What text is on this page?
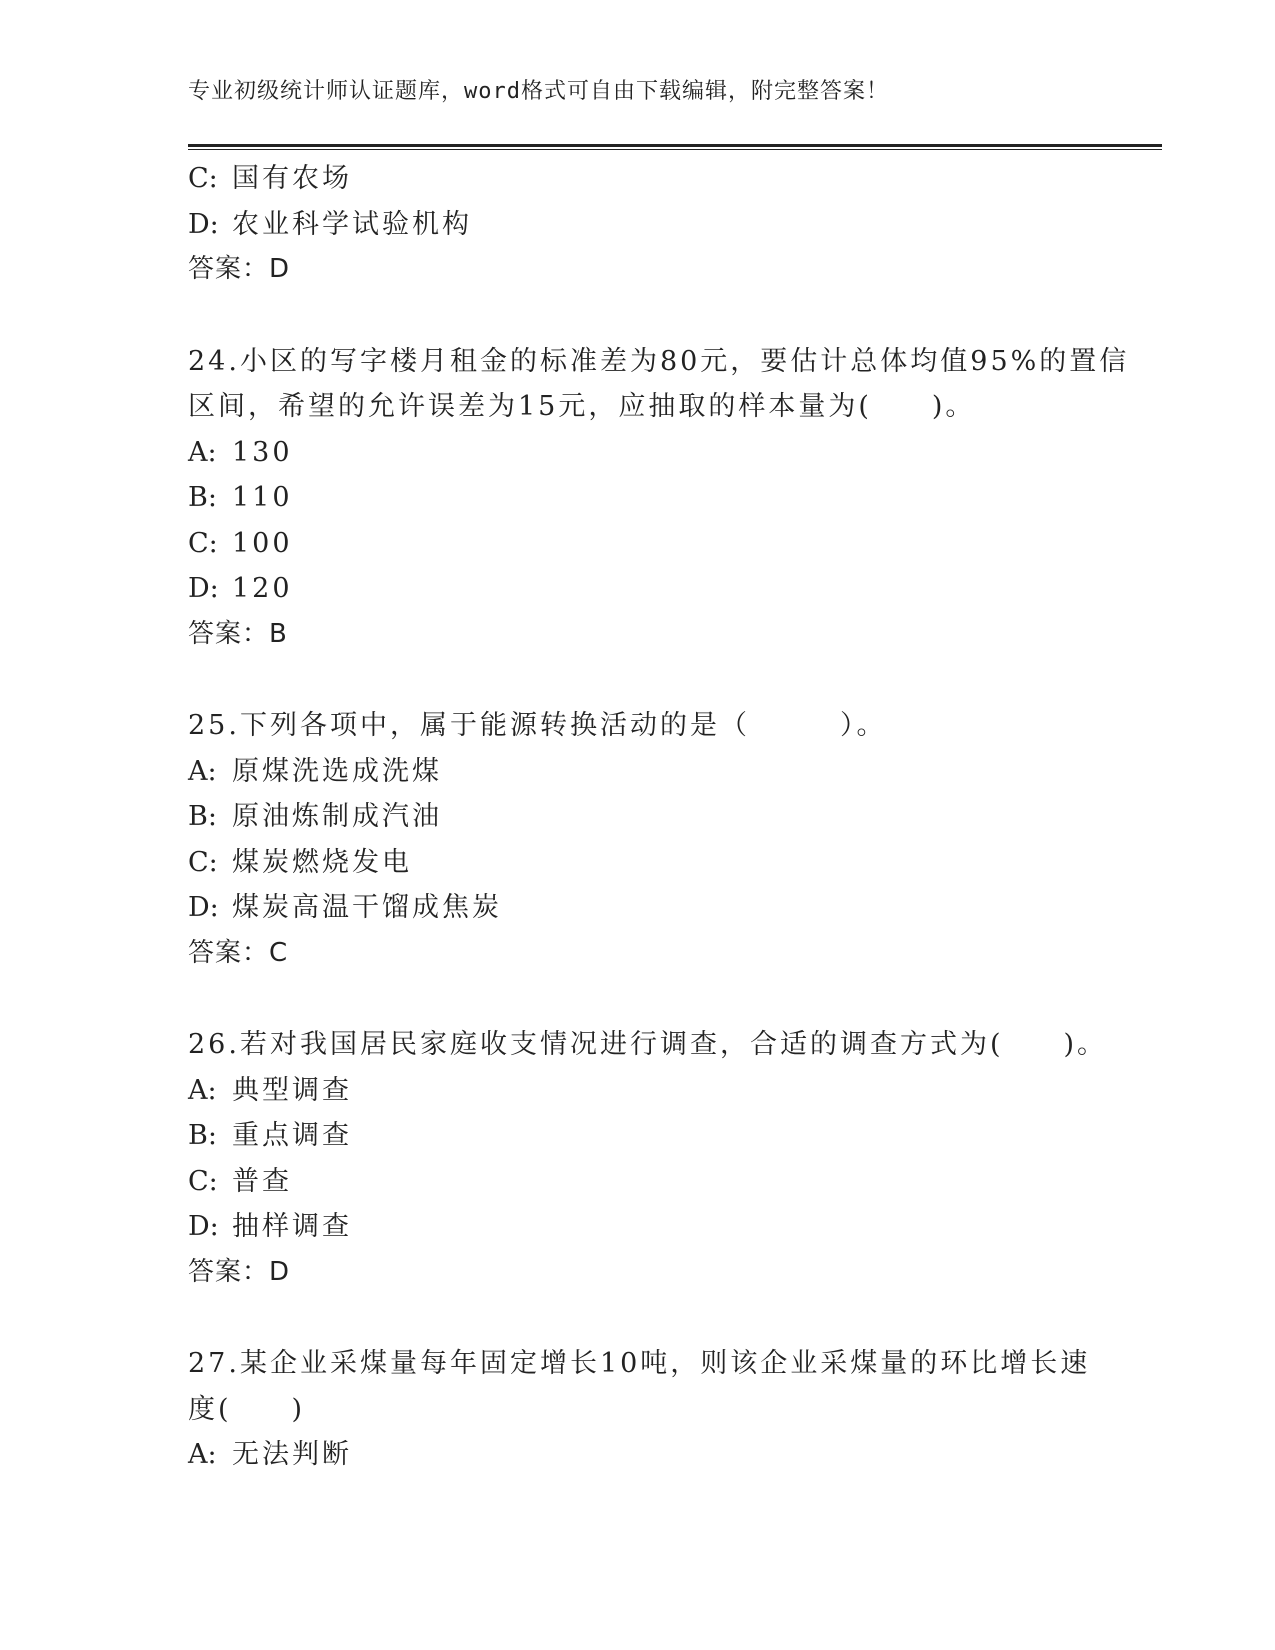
专业初级统计师认证题库，word格式可自由下载编辑，附完整答案！
C: 国有农场
D: 农业科学试验机构
答案：D
24.小区的写字楼月租金的标准差为80元，要估计总体均值95%的置信
区间，希望的允许误差为15元，应抽取的样本量为(　　)。
A: 130
B: 110
C: 100
D: 120
答案：B
25.下列各项中，属于能源转换活动的是（　　　）。
A: 原煤洗选成洗煤
B: 原油炼制成汽油
C: 煤炭燃烧发电
D: 煤炭高温干馏成焦炭
答案：C
26.若对我国居民家庭收支情况进行调查，合适的调查方式为(　　)。
A: 典型调查
B: 重点调查
C: 普查
D: 抽样调查
答案：D
27.某企业采煤量每年固定增长10吨，则该企业采煤量的环比增长速
度(　　)
A: 无法判断
